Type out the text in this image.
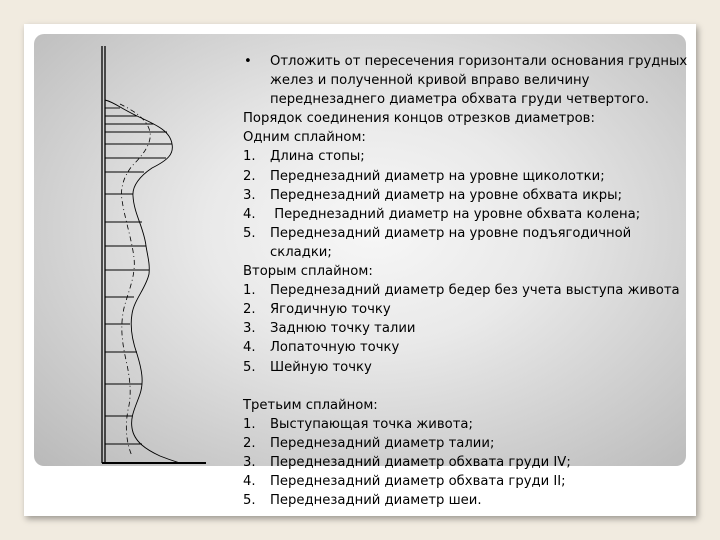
• Отложить от пересечения горизонтали основания грудных
желез и полученной кривой вправо величину
переднезаднего диаметра обхвата груди четвертого.
Порядок соединения концов отрезков диаметров:
Одним сплайном:
1. Длина стопы;
2. Переднезадний диаметр на уровне щиколотки;
3. Переднезадний диаметр на уровне обхвата икры;
4. Переднезадний диаметр на уровне обхвата колена;
5. Переднезадний диаметр на уровне подъягодичной
складки;
Вторым сплайном:
1. Переднезадний диаметр бедер без учета выступа живота
2. Ягодичную точку
3. Заднюю точку талии
4. Лопаточную точку
5. Шейную точку
Третьим сплайном:
1. Выступающая точка живота;
2. Переднезадний диаметр талии;
3. Переднезадний диаметр обхвата груди IV;
4. Переднезадний диаметр обхвата груди II;
5. Переднезадний диаметр шеи.
